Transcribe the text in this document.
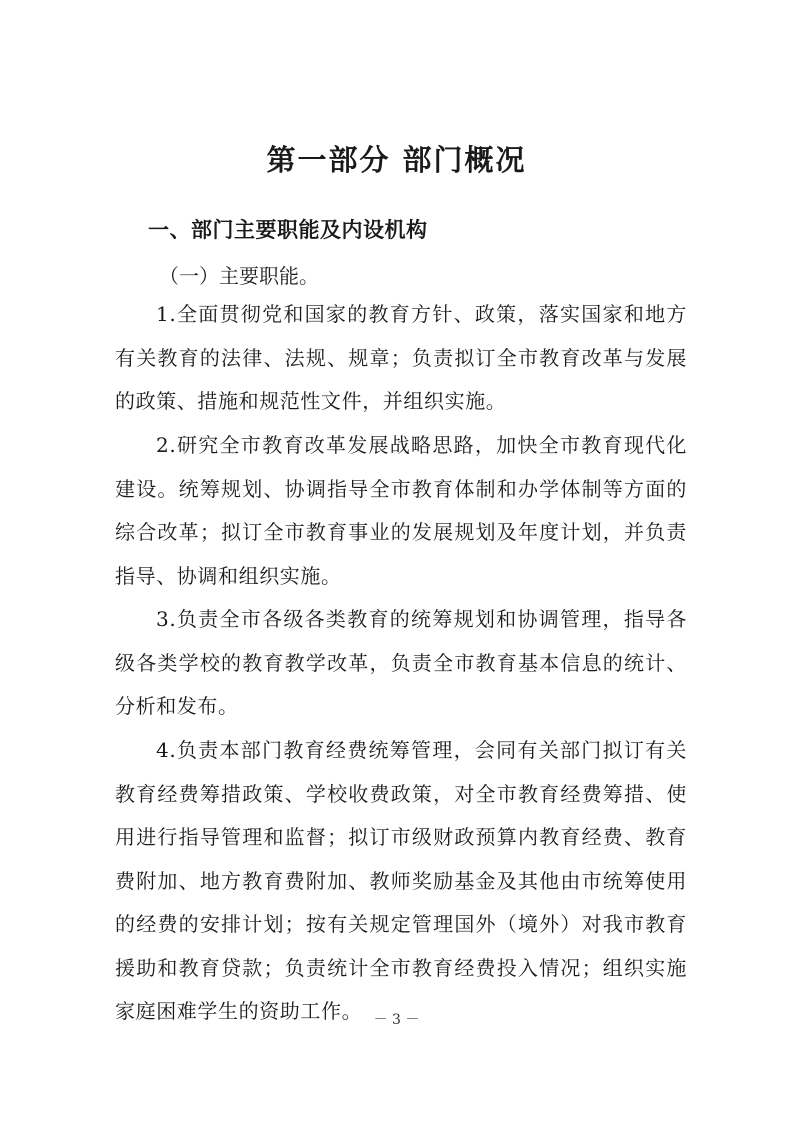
第一部分 部门概况
一、部门主要职能及内设机构

（一）主要职能。

1.全面贯彻党和国家的教育方针、政策，落实国家和地方有关教育的法律、法规、规章；负责拟订全市教育改革与发展的政策、措施和规范性文件，并组织实施。

2.研究全市教育改革发展战略思路，加快全市教育现代化建设。统筹规划、协调指导全市教育体制和办学体制等方面的综合改革；拟订全市教育事业的发展规划及年度计划，并负责指导、协调和组织实施。

3.负责全市各级各类教育的统筹规划和协调管理，指导各级各类学校的教育教学改革，负责全市教育基本信息的统计、分析和发布。

4.负责本部门教育经费统筹管理，会同有关部门拟订有关教育经费筹措政策、学校收费政策，对全市教育经费筹措、使用进行指导管理和监督；拟订市级财政预算内教育经费、教育费附加、地方教育费附加、教师奖励基金及其他由市统筹使用的经费的安排计划；按有关规定管理国外（境外）对我市教育援助和教育贷款；负责统计全市教育经费投入情况；组织实施家庭困难学生的资助工作。 － 3 －
